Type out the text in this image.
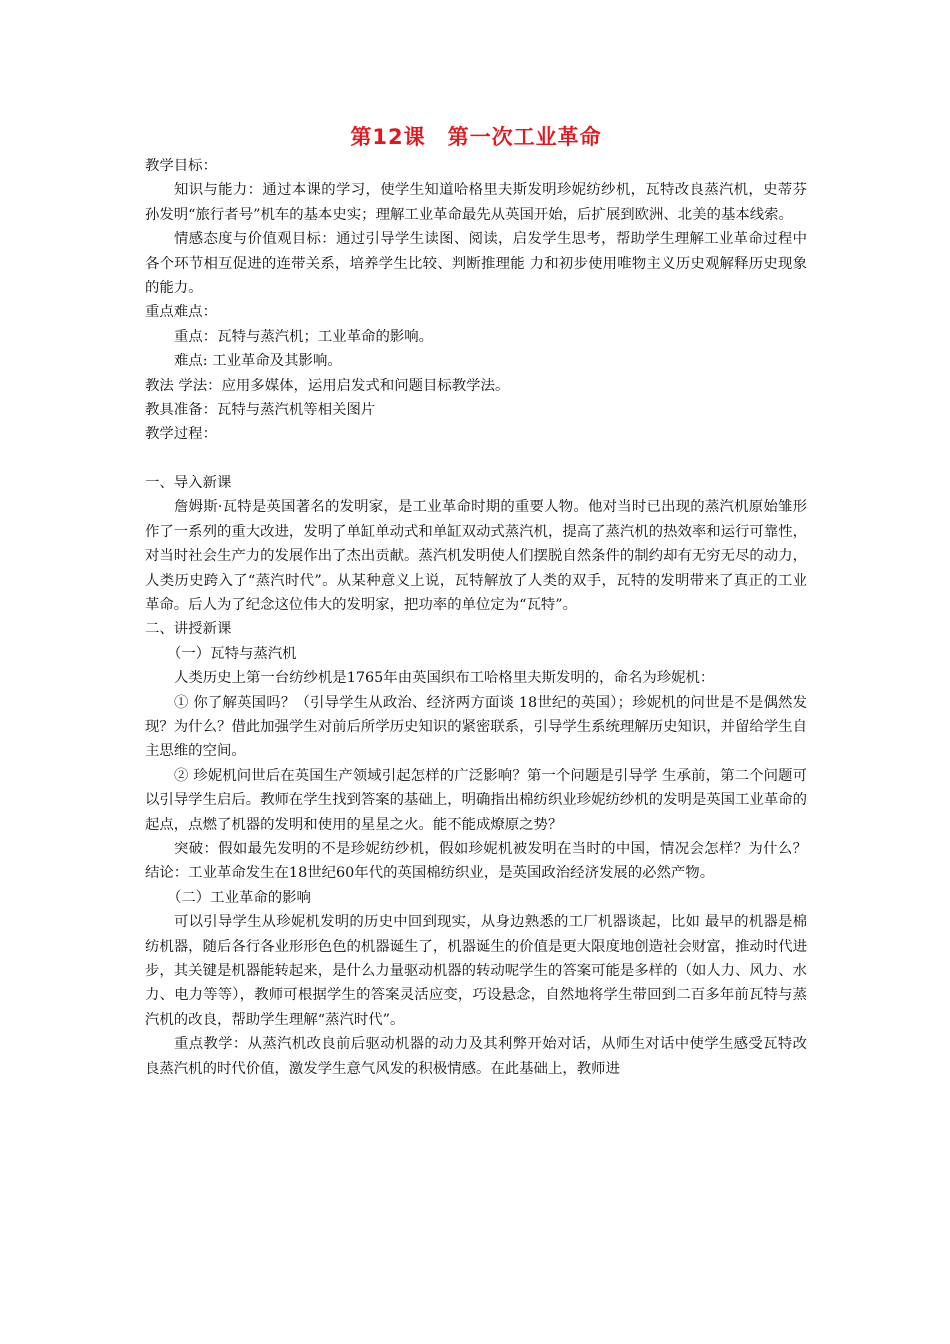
第12课　第一次工业革命

教学目标：

知识与能力：通过本课的学习，使学生知道哈格里夫斯发明珍妮纺纱机，瓦特改良蒸汽机，史蒂芬孙发明“旅行者号”机车的基本史实；理解工业革命最先从英国开始，后扩展到欧洲、北美的基本线索。

情感态度与价值观目标：通过引导学生读图、阅读，启发学生思考，帮助学生理解工业革命过程中各个环节相互促进的连带关系，培养学生比较、判断推理能 力和初步使用唯物主义历史观解释历史现象的能力。

重点难点：

重点：瓦特与蒸汽机；工业革命的影响。

难点: 工业革命及其影响。

教法 学法：应用多媒体，运用启发式和问题目标教学法。

教具准备：瓦特与蒸汽机等相关图片

教学过程：

一、导入新课

詹姆斯·瓦特是英国著名的发明家，是工业革命时期的重要人物。他对当时已出现的蒸汽机原始雏形作了一系列的重大改进，发明了单缸单动式和单缸双动式蒸汽机，提高了蒸汽机的热效率和运行可靠性，对当时社会生产力的发展作出了杰出贡献。蒸汽机发明使人们摆脱自然条件的制约却有无穷无尽的动力，人类历史跨入了“蒸汽时代”。从某种意义上说，瓦特解放了人类的双手，瓦特的发明带来了真正的工业革命。后人为了纪念这位伟大的发明家，把功率的单位定为“瓦特”。

二、讲授新课

（一）瓦特与蒸汽机

人类历史上第一台纺纱机是1765年由英国织布工哈格里夫斯发明的，命名为珍妮机：

① 你了解英国吗？（引导学生从政治、经济两方面谈 18世纪的英国）；珍妮机的问世是不是偶然发现？为什么？借此加强学生对前后所学历史知识的紧密联系，引导学生系统理解历史知识，并留给学生自主思维的空间。

② 珍妮机问世后在英国生产领域引起怎样的广泛影响？第一个问题是引导学 生承前，第二个问题可以引导学生启后。教师在学生找到答案的基础上，明确指出棉纺织业珍妮纺纱机的发明是英国工业革命的起点，点燃了机器的发明和使用的星星之火。能不能成燎原之势？

突破：假如最先发明的不是珍妮纺纱机，假如珍妮机被发明在当时的中国，情况会怎样？为什么？结论：工业革命发生在18世纪60年代的英国棉纺织业，是英国政治经济发展的必然产物。

（二）工业革命的影响

可以引导学生从珍妮机发明的历史中回到现实，从身边熟悉的工厂机器谈起，比如 最早的机器是棉纺机器，随后各行各业形形色色的机器诞生了，机器诞生的价值是更大限度地创造社会财富，推动时代进步，其关键是机器能转起来，是什么力量驱动机器的转动呢学生的答案可能是多样的（如人力、风力、水力、电力等等），教师可根据学生的答案灵活应变，巧设悬念，自然地将学生带回到二百多年前瓦特与蒸汽机的改良，帮助学生理解“蒸汽时代”。

重点教学：从蒸汽机改良前后驱动机器的动力及其利弊开始对话，从师生对话中使学生感受瓦特改良蒸汽机的时代价值，激发学生意气风发的积极情感。在此基础上，教师进
